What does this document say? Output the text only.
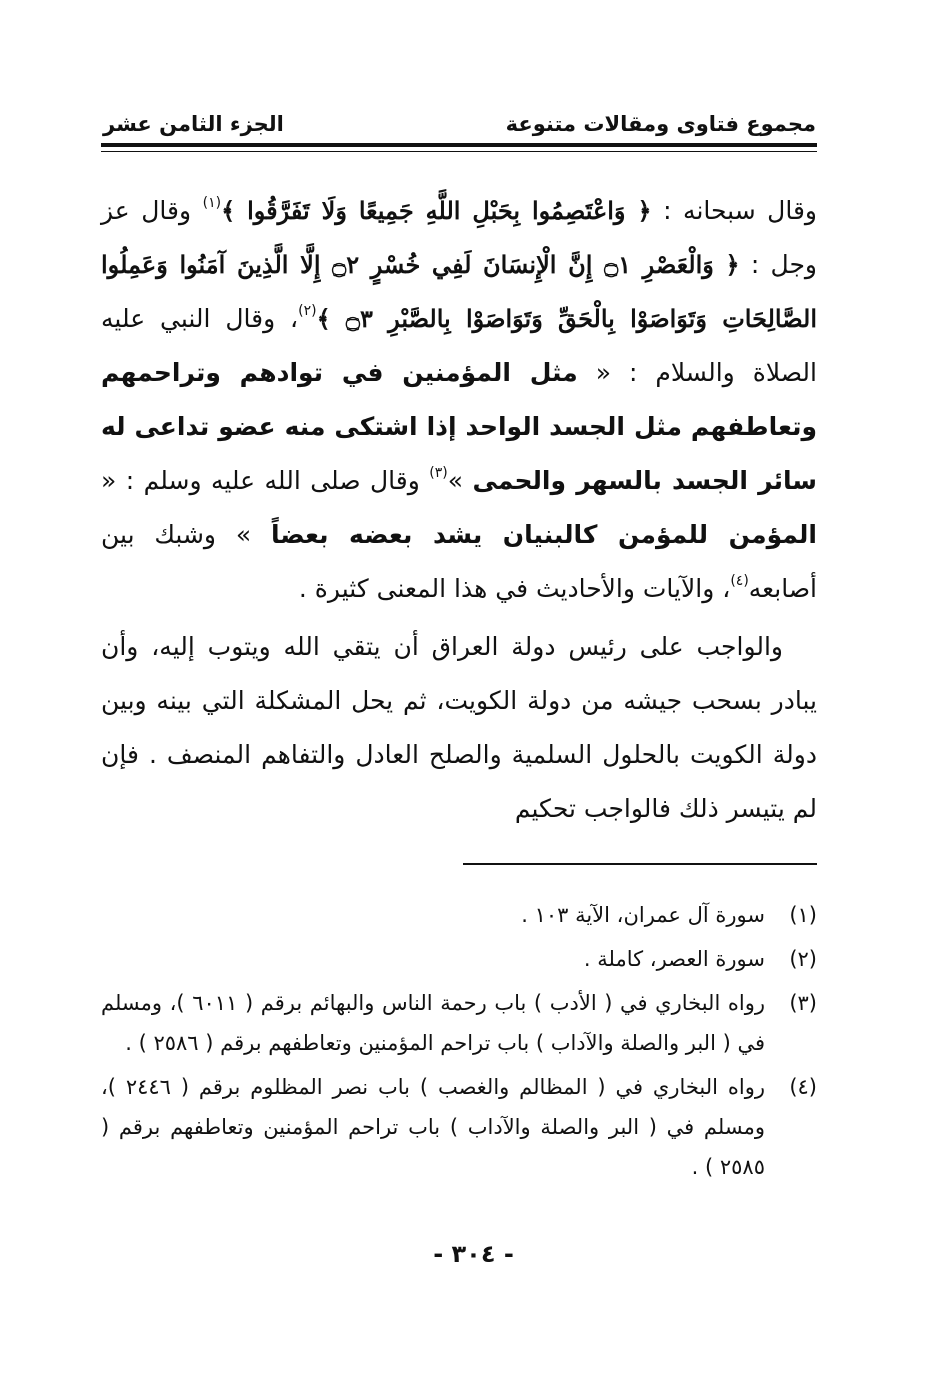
مجموع فتاوى ومقالات متنوعة
الجزء الثامن عشر

وقال سبحانه : ﴿ وَاعْتَصِمُوا بِحَبْلِ اللَّهِ جَمِيعًا وَلَا تَفَرَّقُوا ﴾$^{(١)}$ وقال عز وجل : ﴿ وَالْعَصْرِ ۝١ إِنَّ الْإِنسَانَ لَفِي خُسْرٍ ۝٢ إِلَّا الَّذِينَ آمَنُوا وَعَمِلُوا الصَّالِحَاتِ وَتَوَاصَوْا بِالْحَقِّ وَتَوَاصَوْا بِالصَّبْرِ ۝٣ ﴾$^{(٢)}$، وقال النبي عليه الصلاة والسلام : « مثل المؤمنين في توادهم وتراحمهم وتعاطفهم مثل الجسد الواحد إذا اشتكى منه عضو تداعى له سائر الجسد بالسهر والحمى »$^{(٣)}$ وقال صلى الله عليه وسلم : « المؤمن للمؤمن كالبنيان يشد بعضه بعضاً » وشبك بين أصابعه$^{(٤)}$، والآيات والأحاديث في هذا المعنى كثيرة .

والواجب على رئيس دولة العراق أن يتقي الله ويتوب إليه، وأن يبادر بسحب جيشه من دولة الكويت، ثم يحل المشكلة التي بينه وبين دولة الكويت بالحلول السلمية والصلح العادل والتفاهم المنصف . فإن لم يتيسر ذلك فالواجب تحكيم

(١)
سورة آل عمران، الآية ١٠٣ .
(٢)
سورة العصر، كاملة .
(٣)
رواه البخاري في ( الأدب ) باب رحمة الناس والبهائم برقم ( ٦٠١١ )، ومسلم في ( البر والصلة والآداب ) باب تراحم المؤمنين وتعاطفهم برقم ( ٢٥٨٦ ) .
(٤)
رواه البخاري في ( المظالم والغصب ) باب نصر المظلوم برقم ( ٢٤٤٦ )، ومسلم في ( البر والصلة والآداب ) باب تراحم المؤمنين وتعاطفهم برقم ( ٢٥٨٥ ) .
- ٣٠٤ -
